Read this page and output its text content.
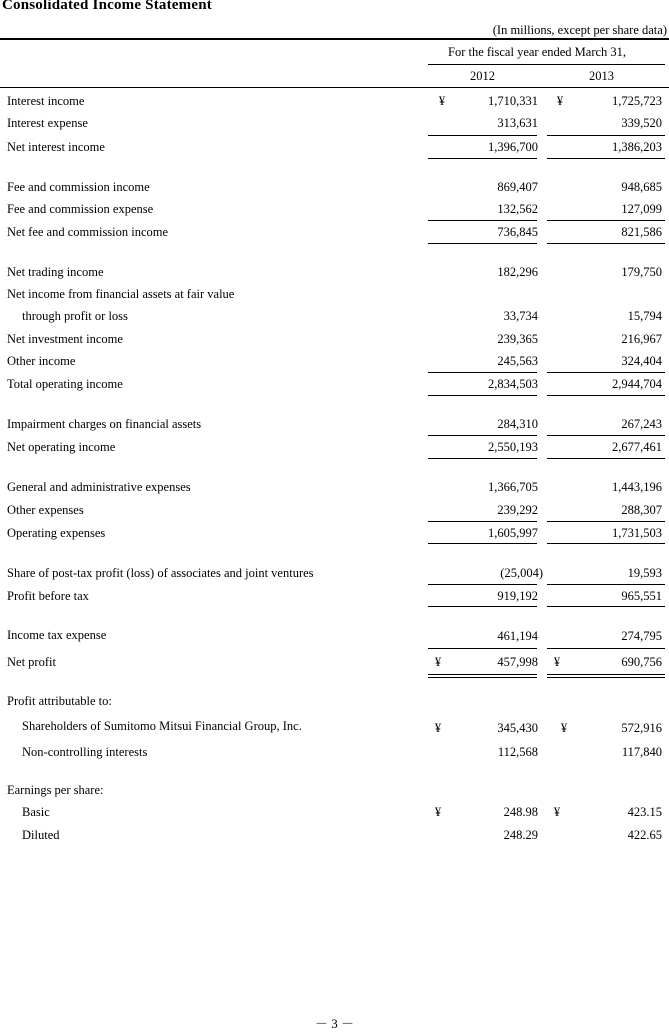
Consolidated Income Statement
(In millions, except per share data)
For the fiscal year ended March 31,
2012	2013
Interest income	¥	1,710,331 ¥	1,725,723
Interest expense	313,631	339,520
Net interest income	1,396,700	1,386,203
Fee and commission income	869,407	948,685
Fee and commission expense	132,562	127,099
Net fee and commission income	736,845	821,586
Net trading income	182,296	179,750
Net income from financial assets at fair value
through profit or loss	33,734	15,794
Net investment income	239,365	216,967
Other income	245,563	324,404
Total operating income	2,834,503	2,944,704
Impairment charges on financial assets	284,310	267,243
Net operating income	2,550,193	2,677,461
General and administrative expenses	1,366,705	1,443,196
Other expenses	239,292	288,307
Operating expenses	1,605,997	1,731,503
Share of post-tax profit (loss) of associates and joint ventures	(25,004)	19,593
Profit before tax	919,192	965,551
Income tax expense	461,194	274,795
Net profit	¥	457,998 ¥	690,756
Profit attributable to:
Shareholders of Sumitomo Mitsui Financial Group, Inc.	¥	345,430 ¥	572,916
Non-controlling interests	112,568	117,840
Earnings per share:
Basic	¥	248.98 ¥	423.15
Diluted	248.29	422.65
－ 3 －
